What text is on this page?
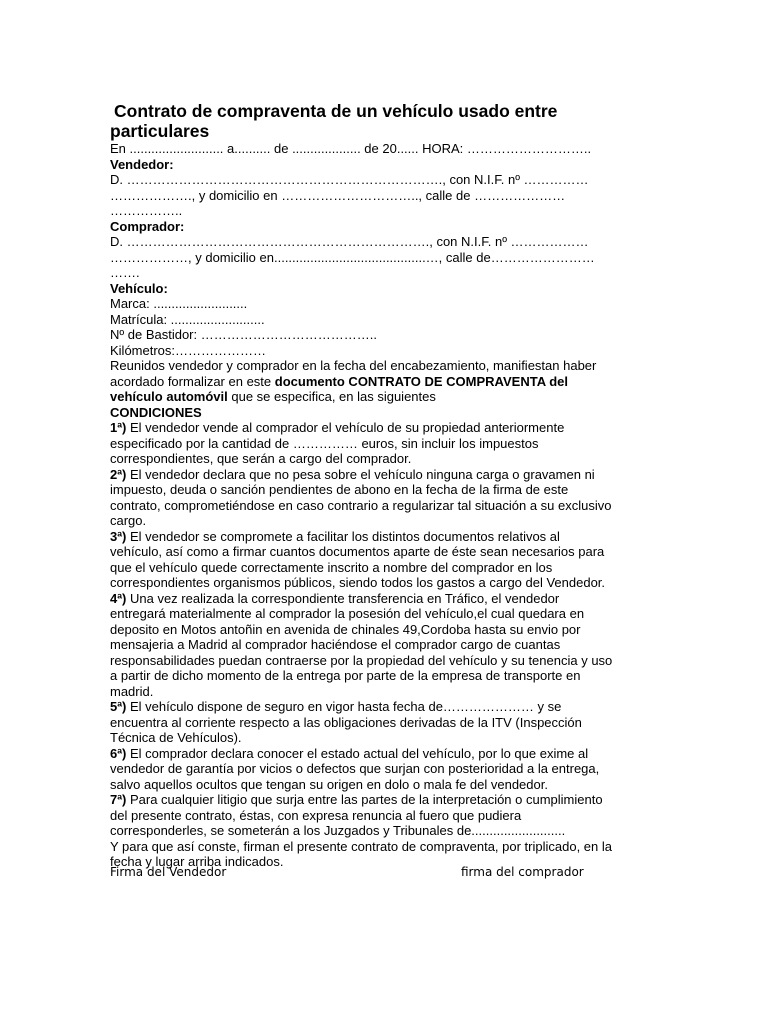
Contrato de compraventa de un vehículo usado entre
particulares
En .......................... a.......... de ................... de 20...... HORA: ………………………..
Vendedor:
D. ………………………………………………………………., con N.I.F. nº ……………
………………., y domicilio en ………………………….., calle de …………………
……………..
Comprador:
D. ……………………………………………………………., con N.I.F. nº ………………
………………, y domicilio en..........................................…, calle de……………………
…….
Vehículo:
Marca: ..........................
Matrícula: ..........................
Nº de Bastidor: …………………………………..
Kilómetros:…………………
Reunidos vendedor y comprador en la fecha del encabezamiento, manifiestan haber
acordado formalizar en este documento CONTRATO DE COMPRAVENTA del
vehículo automóvil que se especifica, en las siguientes
CONDICIONES
1ª) El vendedor vende al comprador el vehículo de su propiedad anteriormente
especificado por la cantidad de …………… euros, sin incluir los impuestos
correspondientes, que serán a cargo del comprador.
2ª) El vendedor declara que no pesa sobre el vehículo ninguna carga o gravamen ni
impuesto, deuda o sanción pendientes de abono en la fecha de la firma de este
contrato, comprometiéndose en caso contrario a regularizar tal situación a su exclusivo
cargo.
3ª) El vendedor se compromete a facilitar los distintos documentos relativos al
vehículo, así como a firmar cuantos documentos aparte de éste sean necesarios para
que el vehículo quede correctamente inscrito a nombre del comprador en los
correspondientes organismos públicos, siendo todos los gastos a cargo del Vendedor.
4ª) Una vez realizada la correspondiente transferencia en Tráfico, el vendedor
entregará materialmente al comprador la posesión del vehículo,el cual quedara en
deposito en Motos antoñin en avenida de chinales 49,Cordoba hasta su envio por
mensajeria a Madrid al comprador haciéndose el comprador cargo de cuantas
responsabilidades puedan contraerse por la propiedad del vehículo y su tenencia y uso
a partir de dicho momento de la entrega por parte de la empresa de transporte en
madrid.
5ª) El vehículo dispone de seguro en vigor hasta fecha de………………… y se
encuentra al corriente respecto a las obligaciones derivadas de la ITV (Inspección
Técnica de Vehículos).
6ª) El comprador declara conocer el estado actual del vehículo, por lo que exime al
vendedor de garantía por vicios o defectos que surjan con posterioridad a la entrega,
salvo aquellos ocultos que tengan su origen en dolo o mala fe del vendedor.
7ª) Para cualquier litigio que surja entre las partes de la interpretación o cumplimiento
del presente contrato, éstas, con expresa renuncia al fuero que pudiera
corresponderles, se someterán a los Juzgados y Tribunales de..........................
Y para que así conste, firman el presente contrato de compraventa, por triplicado, en la
fecha y lugar arriba indicados.
Firma del Vendedor	firma del comprador
